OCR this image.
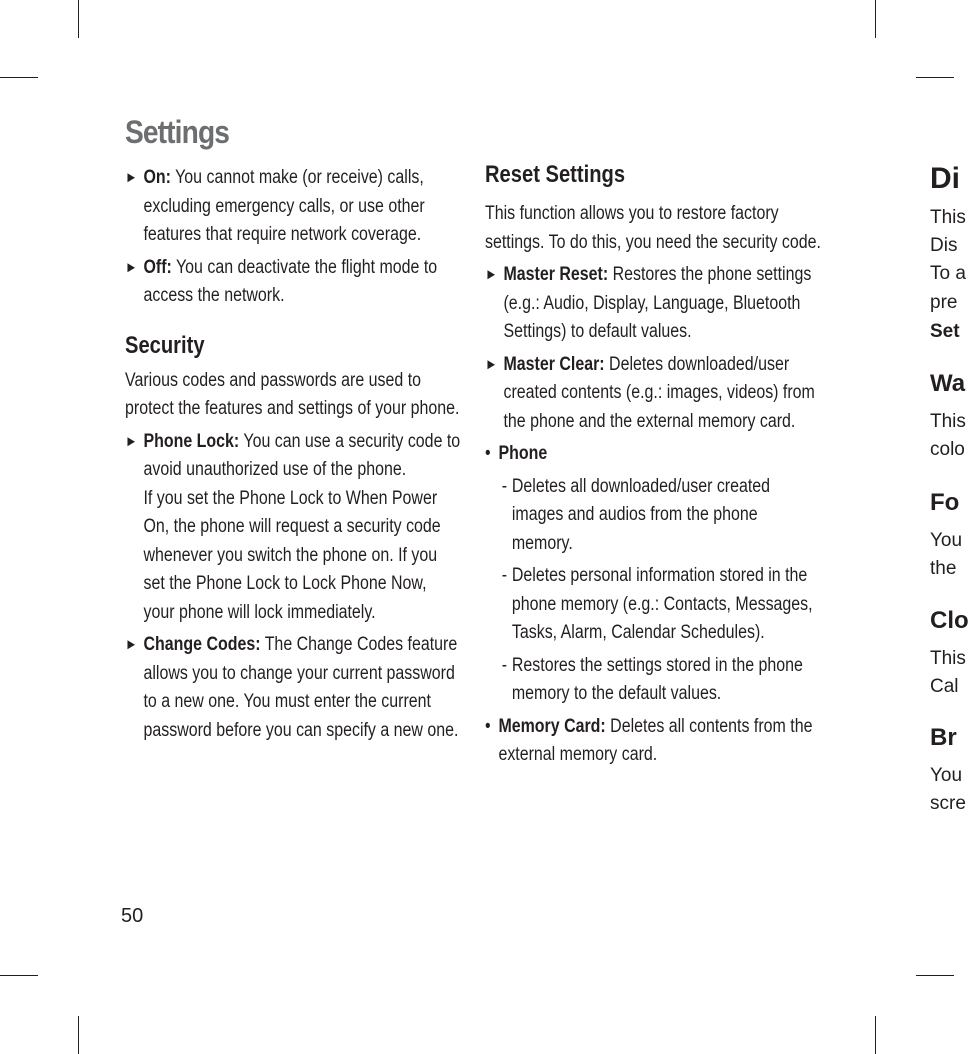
Settings
► On: You cannot make (or receive) calls, excluding emergency calls, or use other features that require network coverage.
► Off: You can deactivate the flight mode to access the network.
Security

Various codes and passwords are used to protect the features and settings of your phone.

► Phone Lock: You can use a security code to avoid unauthorized use of the phone.

If you set the Phone Lock to When Power On, the phone will request a security code whenever you switch the phone on. If you set the Phone Lock to Lock Phone Now, your phone will lock immediately.

► Change Codes: The Change Codes feature allows you to change your current password to a new one. You must enter the current password before you can specify a new one.
Reset Settings

This function allows you to restore factory settings. To do this, you need the security code.

► Master Reset: Restores the phone settings (e.g.: Audio, Display, Language, Bluetooth Settings) to default values.
► Master Clear: Deletes downloaded/user created contents (e.g.: images, videos) from the phone and the external memory card.
• Phone
- Deletes all downloaded/user created images and audios from the phone memory.
- Deletes personal information stored in the phone memory (e.g.: Contacts, Messages, Tasks, Alarm, Calendar Schedules).
- Restores the settings stored in the phone memory to the default values.
• Memory Card: Deletes all contents from the external memory card.
Di
This
Dis
To a
pre
Set
Wa
This
colo
Fo
You
the
Clo
This
Cal
Br
You
scre
50
